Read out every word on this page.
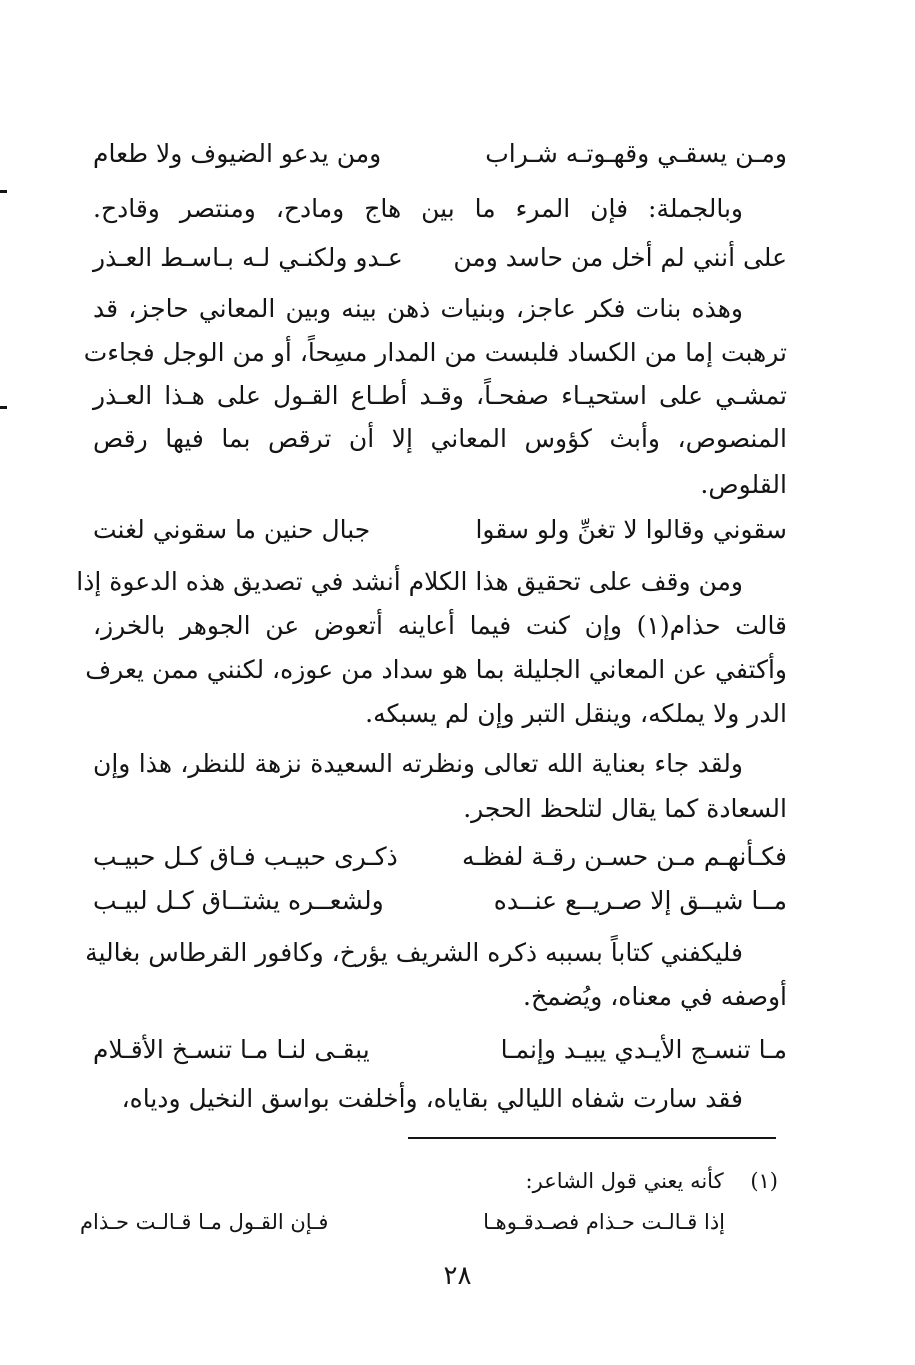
ومـن يسقـي وقهـوتـه شـراب
ومن يدعو الضيوف ولا طعام
وبالجملة: فإن المرء ما بين هاج ومادح، ومنتصر وقادح.
على أنني لم أخل من حاسد ومن
عـدو ولكنـي لـه بـاسـط العـذر
وهذه بنات فكر عاجز، وبنيات ذهن بينه وبين المعاني حاجز، قد
ترهبت إما من الكساد فلبست من المدار مسِحاً، أو من الوجل فجاءت
تمشـي على استحيـاء صفحـاً، وقـد أطـاع القـول على هـذا العـذر
المنصوص، وأبث كؤوس المعاني إلا أن ترقص بما فيها رقص
القلوص.
سقوني وقالوا لا تغنِّ ولو سقوا
جبال حنين ما سقوني لغنت
ومن وقف على تحقيق هذا الكلام أنشد في تصديق هذه الدعوة إذا
قالت حذام(١) وإن كنت فيما أعاينه أتعوض عن الجوهر بالخرز،
وأكتفي عن المعاني الجليلة بما هو سداد من عوزه، لكنني ممن يعرف
الدر ولا يملكه، وينقل التبر وإن لم يسبكه.
ولقد جاء بعناية الله تعالى ونظرته السعيدة نزهة للنظر، هذا وإن
السعادة كما يقال لتلحظ الحجر.
فكـأنهـم مـن حسـن رقـة لفظـه
ذكـرى حبيـب فـاق كـل حبيـب
مــا شيــق إلا صـريــع عنــده
ولشعــره يشتــاق كـل لبيـب
فليكفني كتاباً بسببه ذكره الشريف يؤرخ، وكافور القرطاس بغالية
أوصفه في معناه، ويُضمخ.
مـا تنسـج الأيـدي يبيـد وإنمـا
يبقـى لنـا مـا تنسـخ الأقـلام
فقد سارت شفاه الليالي بقاياه، وأخلفت بواسق النخيل ودياه،
(١)    كأنه يعني قول الشاعر:
إذا قـالـت حـذام فصـدقـوهـا
فـإن القـول مـا قـالـت حـذام
٢٨
